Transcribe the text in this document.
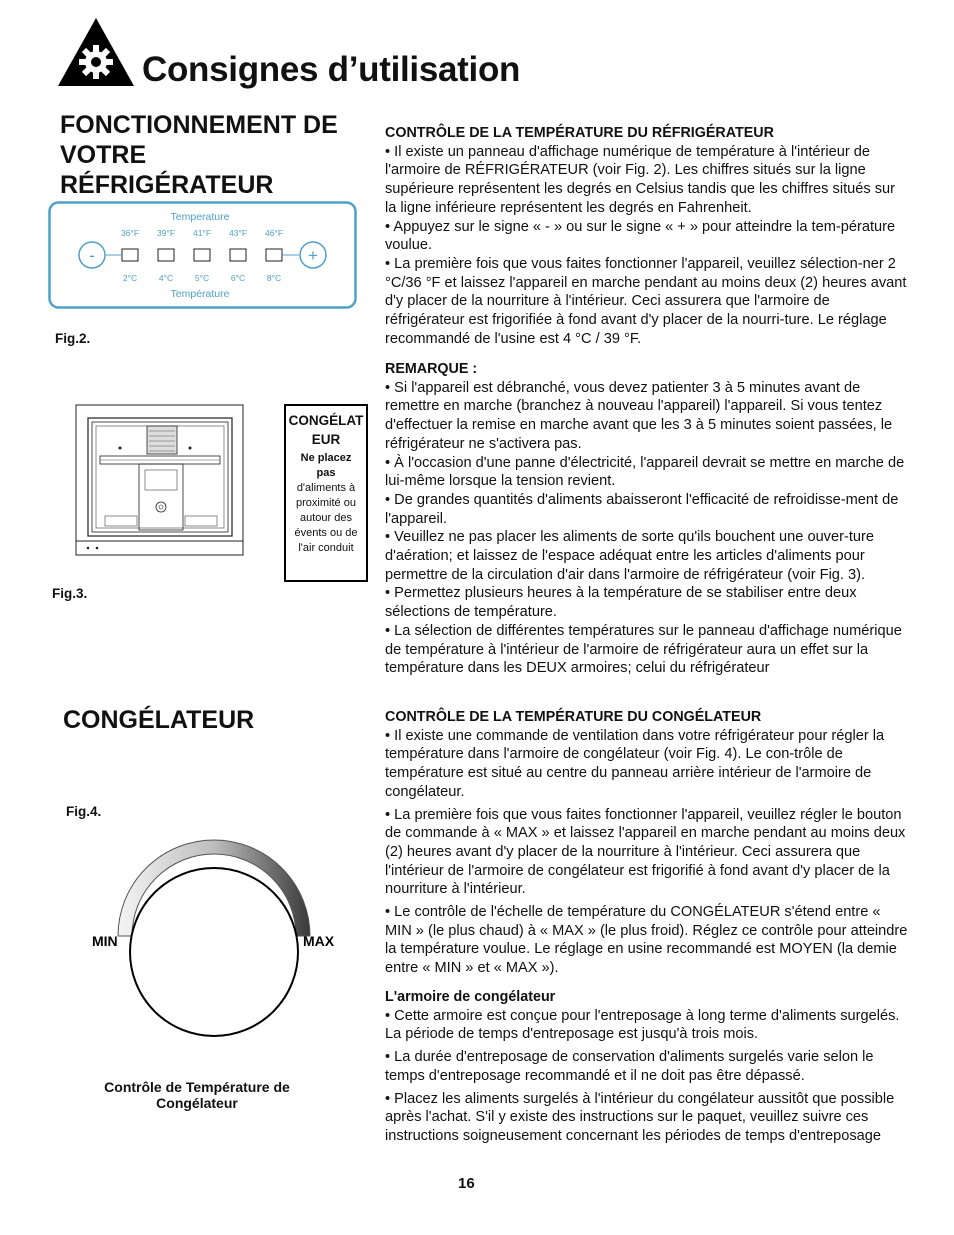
Consignes d’utilisation
FONCTIONNEMENT DE
VOTRE
RÉFRIGÉRATEUR
Temperature
Température
-	+
36°F
2°C
39°F
4°C
41°F
5°C
43°F
6°C
46°F
8°C
Fig.2.
Fig.3.
CONGÉLAT
EUR
Ne placez
pas
d'aliments à
proximité ou
autour des
évents ou de
l'air conduit
CONGÉLATEUR
Fig.4.
MIN	MAX
Contrôle de Température de
Congélateur

CONTRÔLE DE LA TEMPÉRATURE DU RÉFRIGÉRATEUR

• Il existe un panneau d'affichage numérique de température à l'intérieur de l'armoire de RÉFRIGÉRATEUR (voir Fig. 2). Les chiffres situés sur la ligne supérieure représentent les degrés en Celsius tandis que les chiffres situés sur la ligne inférieure représentent les degrés en Fahrenheit.

• Appuyez sur le signe « - » ou sur le signe « + » pour atteindre la tem-pérature voulue.

• La première fois que vous faites fonctionner l'appareil, veuillez sélection-ner 2 °C/36 °F et laissez l'appareil en marche pendant au moins deux (2) heures avant d'y placer de la nourriture à l'intérieur. Ceci assurera que l'armoire de réfrigérateur est frigorifiée à fond avant d'y placer de la nourri-ture. Le réglage recommandé de l'usine est 4 °C / 39 °F.

REMARQUE :

• Si l'appareil est débranché, vous devez patienter 3 à 5 minutes avant de remettre en marche (branchez à nouveau l'appareil) l'appareil. Si vous tentez d'effectuer la remise en marche avant que les 3 à 5 minutes soient passées, le réfrigérateur ne s'activera pas.

• À l'occasion d'une panne d'électricité, l'appareil devrait se mettre en marche de lui-même lorsque la tension revient.

• De grandes quantités d'aliments abaisseront l'efficacité de refroidisse-ment de l'appareil.

• Veuillez ne pas placer les aliments de sorte qu'ils bouchent une ouver-ture d'aération; et laissez de l'espace adéquat entre les articles d'aliments pour permettre de la circulation d'air dans l'armoire de réfrigérateur (voir Fig. 3).

• Permettez plusieurs heures à la température de se stabiliser entre deux sélections de température.

• La sélection de différentes températures sur le panneau d'affichage numérique de température à l'intérieur de l'armoire de réfrigérateur aura un effet sur la température dans les DEUX armoires; celui du réfrigérateur

CONTRÔLE DE LA TEMPÉRATURE DU CONGÉLATEUR

• Il existe une commande de ventilation dans votre réfrigérateur pour régler la température dans l'armoire de congélateur (voir Fig. 4). Le con-trôle de température est situé au centre du panneau arrière intérieur de l'armoire de congélateur.

• La première fois que vous faites fonctionner l'appareil, veuillez régler le bouton de commande à « MAX » et laissez l'appareil en marche pendant au moins deux (2) heures avant d'y placer de la nourriture à l'intérieur. Ceci assurera que l'intérieur de l'armoire de congélateur est frigorifié à fond avant d'y placer de la nourriture à l'intérieur.

• Le contrôle de l'échelle de température du CONGÉLATEUR s'étend entre « MIN » (le plus chaud) à « MAX » (le plus froid). Réglez ce contrôle pour atteindre la température voulue. Le réglage en usine recommandé est MOYEN (la demie entre « MIN » et « MAX »).

L'armoire de congélateur

• Cette armoire est conçue pour l'entreposage à long terme d'aliments surgelés. La période de temps d'entreposage est jusqu'à trois mois.

• La durée d'entreposage de conservation d'aliments surgelés varie selon le temps d'entreposage recommandé et il ne doit pas être dépassé.

• Placez les aliments surgelés à l'intérieur du congélateur aussitôt que possible après l'achat. S'il y existe des instructions sur le paquet, veuillez suivre ces instructions soigneusement concernant les périodes de temps d'entreposage

16
